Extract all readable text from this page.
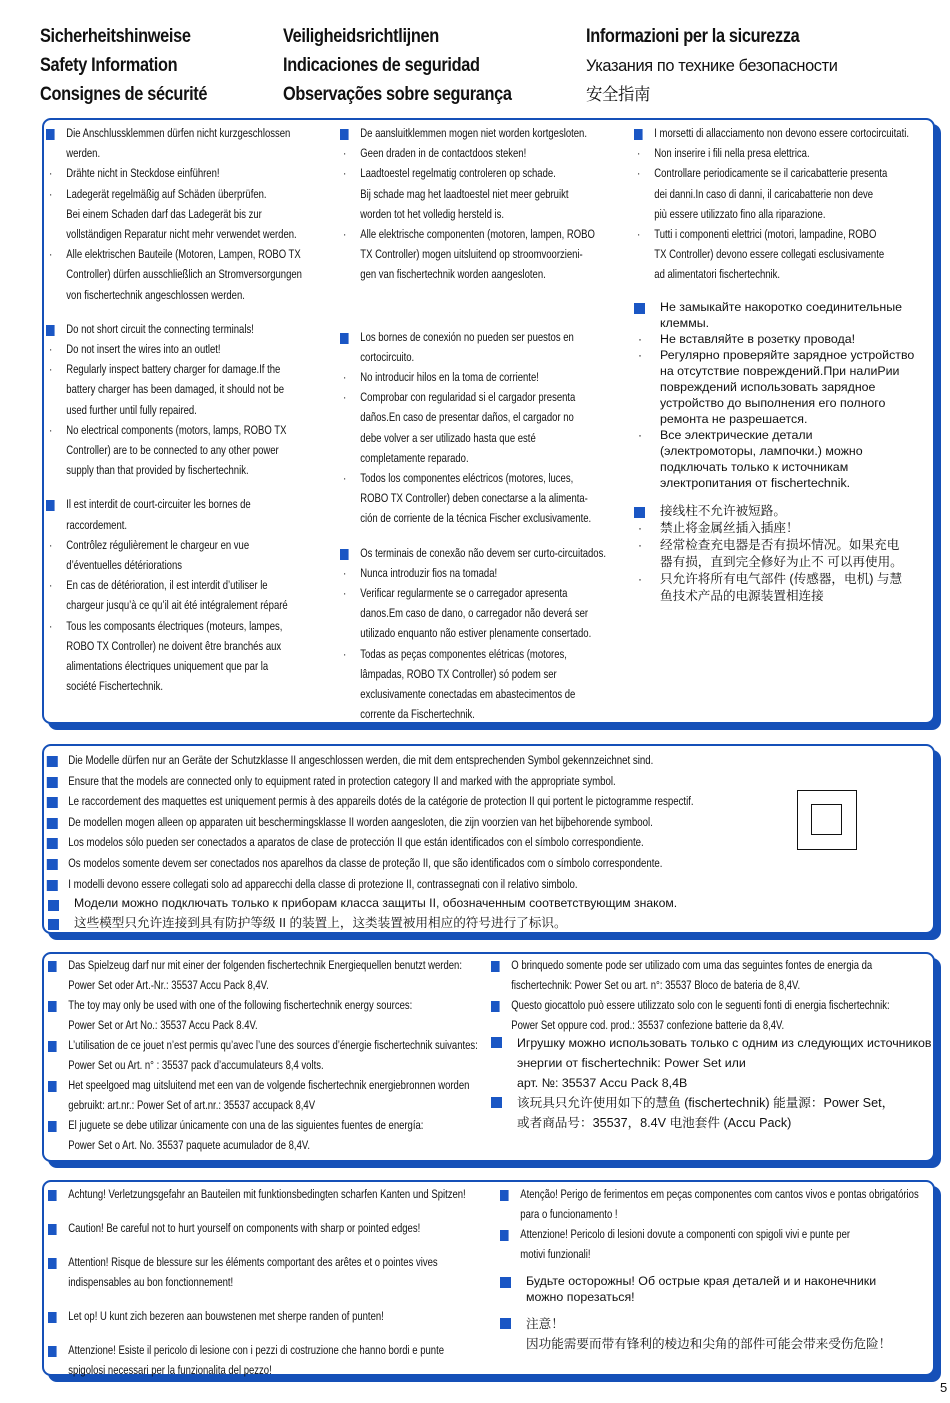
Sicherheitshinweise
Safety Information
Consignes de sécurité
Veiligheidsrichtlijnen
Indicaciones de seguridad
Observações sobre segurança
Informazioni per la sicurezza
Указания по технике безопасности
安全指南
Die Anschlussklemmen dürfen nicht kurzgeschlossen
werden.
· Drähte nicht in Steckdose einführen!
· Ladegerät regelmäßig auf Schäden überprüfen.
Bei einem Schaden darf das Ladegerät bis zur
vollständigen Reparatur nicht mehr verwendet werden.
· Alle elektrischen Bauteile (Motoren, Lampen, ROBO TX
Controller) dürfen ausschließlich an Stromversorgungen
von fischertechnik angeschlossen werden.
Do not short circuit the connecting terminals!
· Do not insert the wires into an outlet!
· Regularly inspect battery charger for damage.If the
battery charger has been damaged, it should not be
used further until fully repaired.
· No electrical components (motors, lamps, ROBO TX
Controller) are to be connected to any other power
supply than that provided by fischertechnik.
Il est interdit de court-circuiter les bornes de
raccordement.
· Contrôlez régulièrement le chargeur en vue
d’éventuelles détériorations
· En cas de détérioration, il est interdit d’utiliser le
chargeur jusqu’à ce qu’il ait été intégralement réparé
· Tous les composants électriques (moteurs, lampes,
ROBO TX Controller) ne doivent être branchés aux
alimentations électriques uniquement que par la
société Fischertechnik.
De aansluitklemmen mogen niet worden kortgesloten.
· Geen draden in de contactdoos steken!
· Laadtoestel regelmatig controleren op schade.
Bij schade mag het laadtoestel niet meer gebruikt
worden tot het volledig hersteld is.
· Alle elektrische componenten (motoren, lampen, ROBO
TX Controller) mogen uitsluitend op stroomvoorzieni-
gen van fischertechnik worden aangesloten.
Los bornes de conexión no pueden ser puestos en
cortocircuito.
· No introducir hilos en la toma de corriente!
· Comprobar con regularidad si el cargador presenta
daños.En caso de presentar daños, el cargador no
debe volver a ser utilizado hasta que esté
completamente reparado.
· Todos los componentes eléctricos (motores, luces,
ROBO TX Controller) deben conectarse a la alimenta-
ción de corriente de la técnica Fischer exclusivamente.
Os terminais de conexão não devem ser curto-circuitados.
· Nunca introduzir fios na tomada!
· Verificar regularmente se o carregador apresenta
danos.Em caso de dano, o carregador não deverá ser
utilizado enquanto não estiver plenamente consertado.
· Todas as peças componentes elétricas (motores,
lâmpadas, ROBO TX Controller) só podem ser
exclusivamente conectadas em abastecimentos de
corrente da Fischertechnik.
I morsetti di allacciamento non devono essere cortocircuitati.
· Non inserire i fili nella presa elettrica.
· Controllare periodicamente se il caricabatterie presenta
dei danni.In caso di danni, il caricabatterie non deve
più essere utilizzato fino alla riparazione.
· Tutti i componenti elettrici (motori, lampadine, ROBO
TX Controller) devono essere collegati esclusivamente
ad alimentatori fischertechnik.
Не замыкайте накоротко соединительные
клеммы.
· Не вставляйте в розетку провода!
· Регулярно проверяйте зарядное устройство
на отсутствие повреждений.При налиРии
повреждений использовать зарядное
устройство до выполнения его полного
ремонта не разрешается.
· Все электрические детали
(электромоторы, лампочки.) можно
подключать только к источникам
электропитания от fischertechnik.
接线柱不允许被短路。
· 禁止将金属丝插入插座！
· 经常检查充电器是否有损坏情况。如果充电
器有损，直到完全修好为止不 可以再使用。
· 只允许将所有电气部件 (传感器，电机) 与慧
鱼技术产品的电源装置相连接
Die Modelle dürfen nur an Geräte der Schutzklasse II angeschlossen werden, die mit dem entsprechenden Symbol gekennzeichnet sind.
Ensure that the models are connected only to equipment rated in protection category II and marked with the appropriate symbol.
Le raccordement des maquettes est uniquement permis à des appareils dotés de la catégorie de protection II qui portent le pictogramme respectif.
De modellen mogen alleen op apparaten uit beschermingsklasse II worden aangesloten, die zijn voorzien van het bijbehorende symbool.
Los modelos sólo pueden ser conectados a aparatos de clase de protección II que están identificados con el símbolo correspondiente.
Os modelos somente devem ser conectados nos aparelhos da classe de proteção II, que são identificados com o símbolo correspondente.
I modelli devono essere collegati solo ad apparecchi della classe di protezione II, contrassegnati con il relativo simbolo.
Модели можно подключать только к приборам класса защиты II, обозначенным соответствующим знаком.
这些模型只允许连接到具有防护等级 II 的装置上，这类装置被用相应的符号进行了标识。
Das Spielzeug darf nur mit einer der folgenden fischertechnik Energiequellen benutzt werden:
Power Set oder Art.-Nr.: 35537 Accu Pack 8,4V.
The toy may only be used with one of the following fischertechnik energy sources:
Power Set or Art No.: 35537 Accu Pack 8.4V.
L’utilisation de ce jouet n’est permis qu’avec l’une des sources d’énergie fischertechnik suivantes:
Power Set ou Art. n° : 35537 pack d’accumulateurs 8,4 volts.
Het speelgoed mag uitsluitend met een van de volgende fischertechnik energiebronnen worden
gebruikt: art.nr.: Power Set of art.nr.: 35537 accupack 8,4V
El juguete se debe utilizar únicamente con una de las siguientes fuentes de energía:
Power Set o Art. No. 35537 paquete acumulador de 8,4V.
O brinquedo somente pode ser utilizado com uma das seguintes fontes de energia da
fischertechnik: Power Set ou art. n°: 35537 Bloco de bateria de 8,4V.
Questo giocattolo può essere utilizzato solo con le seguenti fonti di energia fischertechnik:
Power Set oppure cod. prod.: 35537 confezione batterie da 8,4V.
Игрушку можно использовать только с одним из следующих источников
энергии от fischertechnik: Power Set или
арт. №: 35537 Accu Pack 8,4В
该玩具只允许使用如下的慧鱼 (fischertechnik) 能量源：Power Set，
或者商品号：35537，8.4V 电池套件 (Accu Pack)
Achtung! Verletzungsgefahr an Bauteilen mit funktionsbedingten scharfen Kanten und Spitzen!
Caution! Be careful not to hurt yourself on components with sharp or pointed edges!
Attention! Risque de blessure sur les éléments comportant des arêtes et o pointes vives
indispensables au bon fonctionnement!
Let op! U kunt zich bezeren aan bouwstenen met sherpe randen of punten!
Attenzione! Esiste il pericolo di lesione con i pezzi di costruzione che hanno bordi e punte
spigolosi necessari per la funzionalita del pezzo!
Atenção! Perigo de ferimentos em peças componentes com cantos vivos e pontas obrigatórios
para o funcionamento !
Attenzione! Pericolo di lesioni dovute a componenti con spigoli vivi e punte per
motivi funzionali!
Будьте осторожны! Об острые края деталей и и наконечники
можно порезаться!
注意！
因功能需要而带有锋利的棱边和尖角的部件可能会带来受伤危险！
5
